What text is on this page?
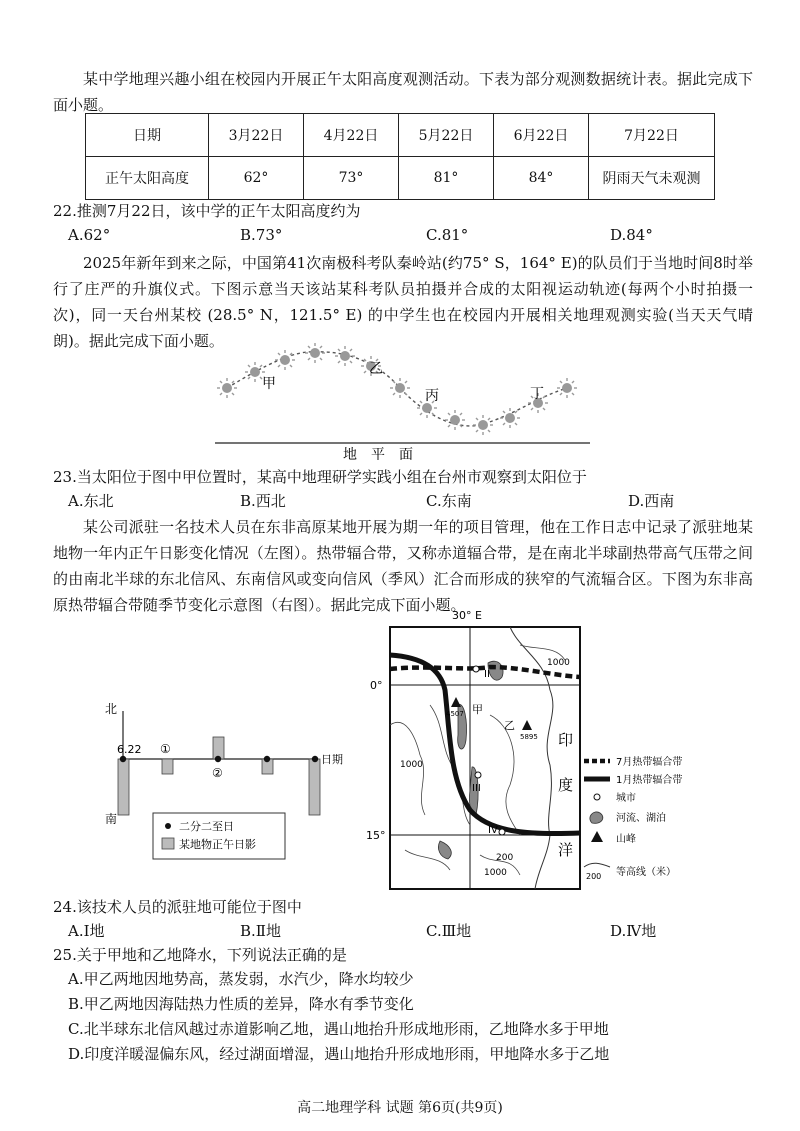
某中学地理兴趣小组在校园内开展正午太阳高度观测活动。下表为部分观测数据统计表。据此完成下面小题。
日期	3月22日	4月22日	5月22日	6月22日	7月22日
正午太阳高度	62°	73°	81°	84°	阴雨天气未观测
22.推测7月22日，该中学的正午太阳高度约为
A.62°	B.73°	C.81°	D.84°
2025年新年到来之际，中国第41次南极科考队秦岭站(约75° S，164° E)的队员们于当地时间8时举行了庄严的升旗仪式。下图示意当天该站某科考队员拍摄并合成的太阳视运动轨迹(每两个小时拍摄一次)，同一天台州某校 (28.5° N，121.5° E) 的中学生也在校园内开展相关地理观测实验(当天天气晴朗)。据此完成下面小题。
甲
乙
丙	丁
地　平　面
23.当太阳位于图中甲位置时，某高中地理研学实践小组在台州市观察到太阳位于
A.东北	B.西北	C.东南	D.西南
某公司派驻一名技术人员在东非高原某地开展为期一年的项目管理，他在工作日志中记录了派驻地某地物一年内正午日影变化情况（左图）。热带辐合带，又称赤道辐合带，是在南北半球副热带高气压带之间的由南北半球的东北信风、东南信风或变向信风（季风）汇合而形成的狭窄的气流辐合区。下图为东非高原热带辐合带随季节变化示意图（右图）。据此完成下面小题。
北
南
6.22
日期
①
②
二分二至日
某地物正午日影
30° E
0°
15°
II
III
IV
甲
乙
4507
5895
1000
1000
200
1000
印
度
洋
7月热带辐合带
1月热带辐合带
城市
河流、湖泊
山峰
200 等高线（米）
24.该技术人员的派驻地可能位于图中
A.Ⅰ地	B.Ⅱ地	C.Ⅲ地	D.Ⅳ地
25.关于甲地和乙地降水，下列说法正确的是
A.甲乙两地因地势高，蒸发弱，水汽少，降水均较少
B.甲乙两地因海陆热力性质的差异，降水有季节变化
C.北半球东北信风越过赤道影响乙地，遇山地抬升形成地形雨，乙地降水多于甲地
D.印度洋暖湿偏东风，经过湖面增湿，遇山地抬升形成地形雨，甲地降水多于乙地
高二地理学科 试题 第6页(共9页)
